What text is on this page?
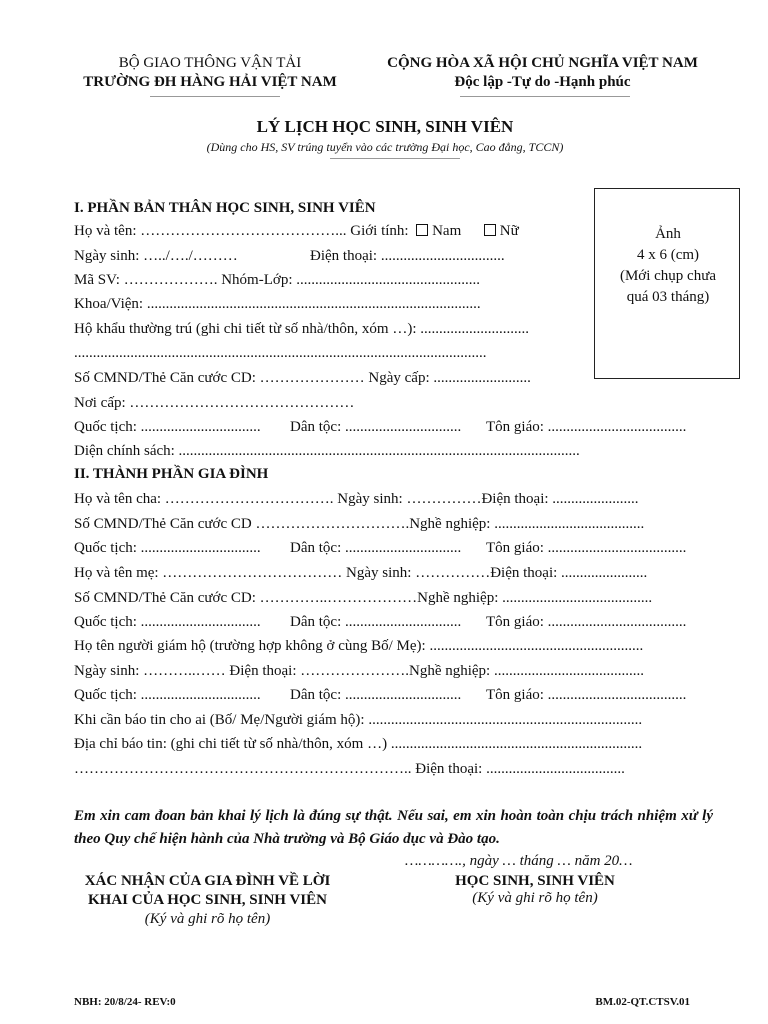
BỘ GIAO THÔNG VẬN TẢI
TRƯỜNG ĐH HÀNG HẢI VIỆT NAM
CỘNG HÒA XÃ HỘI CHỦ NGHĨA VIỆT NAM
Độc lập -Tự do -Hạnh phúc
LÝ LỊCH HỌC SINH, SINH VIÊN
(Dùng cho HS, SV trúng tuyển vào các trường Đại học, Cao đẳng, TCCN)
Ảnh
4 x 6 (cm)
(Mới chụp chưa
quá 03 tháng)
I. PHẦN BẢN THÂN HỌC SINH, SINH VIÊN
Họ và tên: …………………………………... Giới tính: Nam	Nữ
Ngày sinh: …../…./………	Điện thoại: .................................
Mã SV: ………………. Nhóm-Lớp: .................................................
Khoa/Viện: .........................................................................................
Hộ khẩu thường trú (ghi chi tiết từ số nhà/thôn, xóm …): .............................
..............................................................................................................
Số CMND/Thẻ Căn cước CD: ………………… Ngày cấp: ..........................
Nơi cấp: ………………………………………
Quốc tịch: ................................ Dân tộc: ............................... Tôn giáo: .....................................
Diện chính sách: ...........................................................................................................
II. THÀNH PHẦN GIA ĐÌNH
Họ và tên cha: ……………………………. Ngày sinh: ……………Điện thoại: .......................
Số CMND/Thẻ Căn cước CD ………………………….Nghề nghiệp: ........................................
Quốc tịch: ................................ Dân tộc: ............................... Tôn giáo: .....................................
Họ và tên mẹ: ……………………………… Ngày sinh: ……………Điện thoại: .......................
Số CMND/Thẻ Căn cước CD: …………..………………Nghề nghiệp: ........................................
Quốc tịch: ................................ Dân tộc: ............................... Tôn giáo: .....................................
Họ tên người giám hộ (trường hợp không ở cùng Bố/ Mẹ): .........................................................
Ngày sinh: ………..…… Điện thoại: ………………….Nghề nghiệp: ........................................
Quốc tịch: ................................ Dân tộc: ............................... Tôn giáo: .....................................
Khi cần báo tin cho ai (Bố/ Mẹ/Người giám hộ): .........................................................................
Địa chỉ báo tin: (ghi chi tiết từ số nhà/thôn, xóm …) ...................................................................
………………………………………………………….. Điện thoại: .....................................
Em xin cam đoan bản khai lý lịch là đúng sự thật. Nếu sai, em xin hoàn toàn chịu trách nhiệm xử lý theo Quy chế hiện hành của Nhà trường và Bộ Giáo dục và Đào tạo.
…………., ngày … tháng … năm 20…
XÁC NHẬN CỦA GIA ĐÌNH VỀ LỜI
KHAI CỦA HỌC SINH, SINH VIÊN
(Ký và ghi rõ họ tên)
HỌC SINH, SINH VIÊN
(Ký và ghi rõ họ tên)
NBH: 20/8/24- REV:0	BM.02-QT.CTSV.01
